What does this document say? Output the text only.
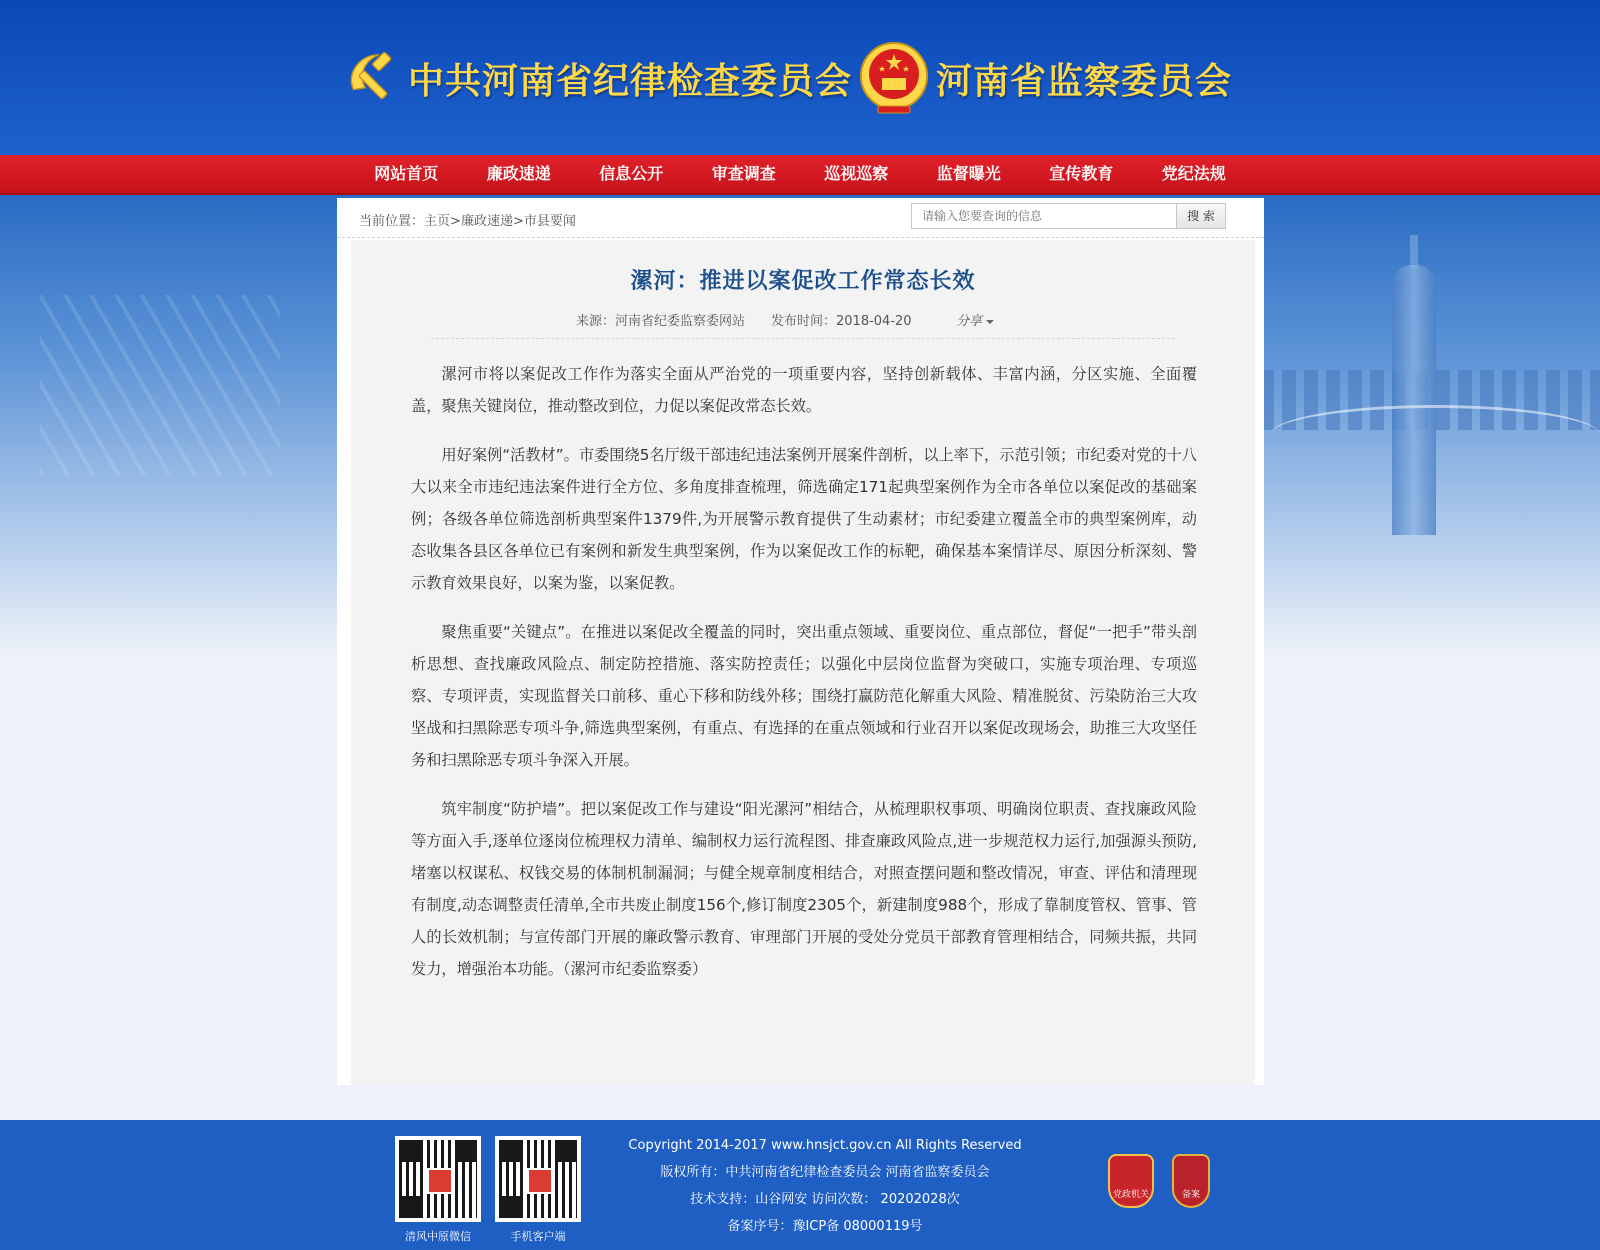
中共河南省纪律检查委员会 河南省监察委员会
网站首页	廉政速递	信息公开	审查调查	巡视巡察	监督曝光	宣传教育	党纪法规
当前位置：主页>廉政速递>市县要闻
请输入您要查询的信息	搜 索
漯河：推进以案促改工作常态长效
来源：河南省纪委监察委网站 发布时间：2018-04-20	分享

漯河市将以案促改工作作为落实全面从严治党的一项重要内容，坚持创新载体、丰富内涵，分区实施、全面覆盖，聚焦关键岗位，推动整改到位，力促以案促改常态长效。

用好案例“活教材”。市委围绕5名厅级干部违纪违法案例开展案件剖析，以上率下，示范引领；市纪委对党的十八大以来全市违纪违法案件进行全方位、多角度排查梳理，筛选确定171起典型案例作为全市各单位以案促改的基础案例；各级各单位筛选剖析典型案件1379件,为开展警示教育提供了生动素材；市纪委建立覆盖全市的典型案例库，动态收集各县区各单位已有案例和新发生典型案例，作为以案促改工作的标靶，确保基本案情详尽、原因分析深刻、警示教育效果良好，以案为鉴，以案促教。

聚焦重要“关键点”。在推进以案促改全覆盖的同时，突出重点领域、重要岗位、重点部位，督促“一把手”带头剖析思想、查找廉政风险点、制定防控措施、落实防控责任；以强化中层岗位监督为突破口，实施专项治理、专项巡察、专项评责，实现监督关口前移、重心下移和防线外移；围绕打赢防范化解重大风险、精准脱贫、污染防治三大攻坚战和扫黑除恶专项斗争,筛选典型案例，有重点、有选择的在重点领域和行业召开以案促改现场会，助推三大攻坚任务和扫黑除恶专项斗争深入开展。

筑牢制度“防护墙”。把以案促改工作与建设“阳光漯河”相结合，从梳理职权事项、明确岗位职责、查找廉政风险等方面入手,逐单位逐岗位梳理权力清单、编制权力运行流程图、排查廉政风险点,进一步规范权力运行,加强源头预防,堵塞以权谋私、权钱交易的体制机制漏洞；与健全规章制度相结合，对照查摆问题和整改情况，审查、评估和清理现有制度,动态调整责任清单,全市共废止制度156个,修订制度2305个，新建制度988个，形成了靠制度管权、管事、管人的长效机制；与宣传部门开展的廉政警示教育、审理部门开展的受处分党员干部教育管理相结合，同频共振，共同发力，增强治本功能。（漯河市纪委监察委）

清风中原微信	手机客户端
Copyright 2014-2017 www.hnsjct.gov.cn All Rights Reserved
版权所有：中共河南省纪律检查委员会 河南省监察委员会
技术支持：山谷网安 访问次数： 20202028次
备案序号：豫ICP备 08000119号
党政机关	备案
